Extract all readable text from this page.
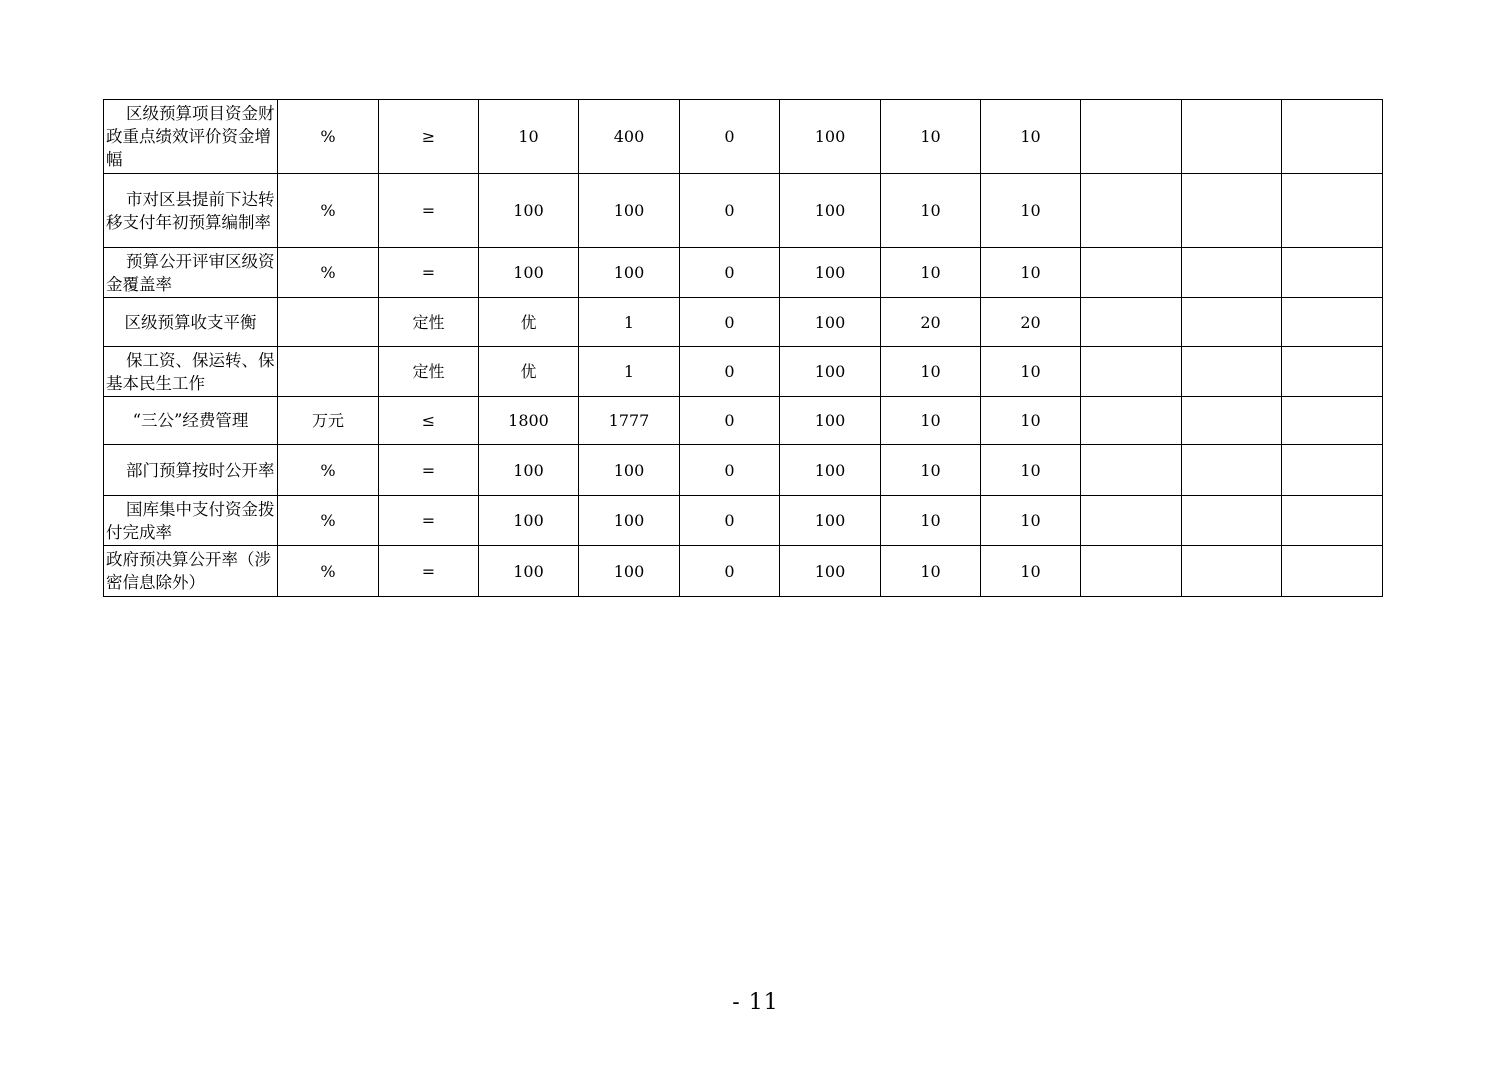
区级预算项目资金财政重点绩效评价资金增幅	%	≥	10	400	0	100	10	10			
市对区县提前下达转移支付年初预算编制率	%	=	100	100	0	100	10	10			
预算公开评审区级资金覆盖率	%	=	100	100	0	100	10	10			
区级预算收支平衡		定性	优	1	0	100	20	20			
保工资、保运转、保基本民生工作		定性	优	1	0	100	10	10			
“三公”经费管理	万元	≤	1800	1777	0	100	10	10			
部门预算按时公开率	%	=	100	100	0	100	10	10			
国库集中支付资金拨付完成率	%	=	100	100	0	100	10	10			
政府预决算公开率（涉密信息除外）	%	=	100	100	0	100	10	10			
- 11
